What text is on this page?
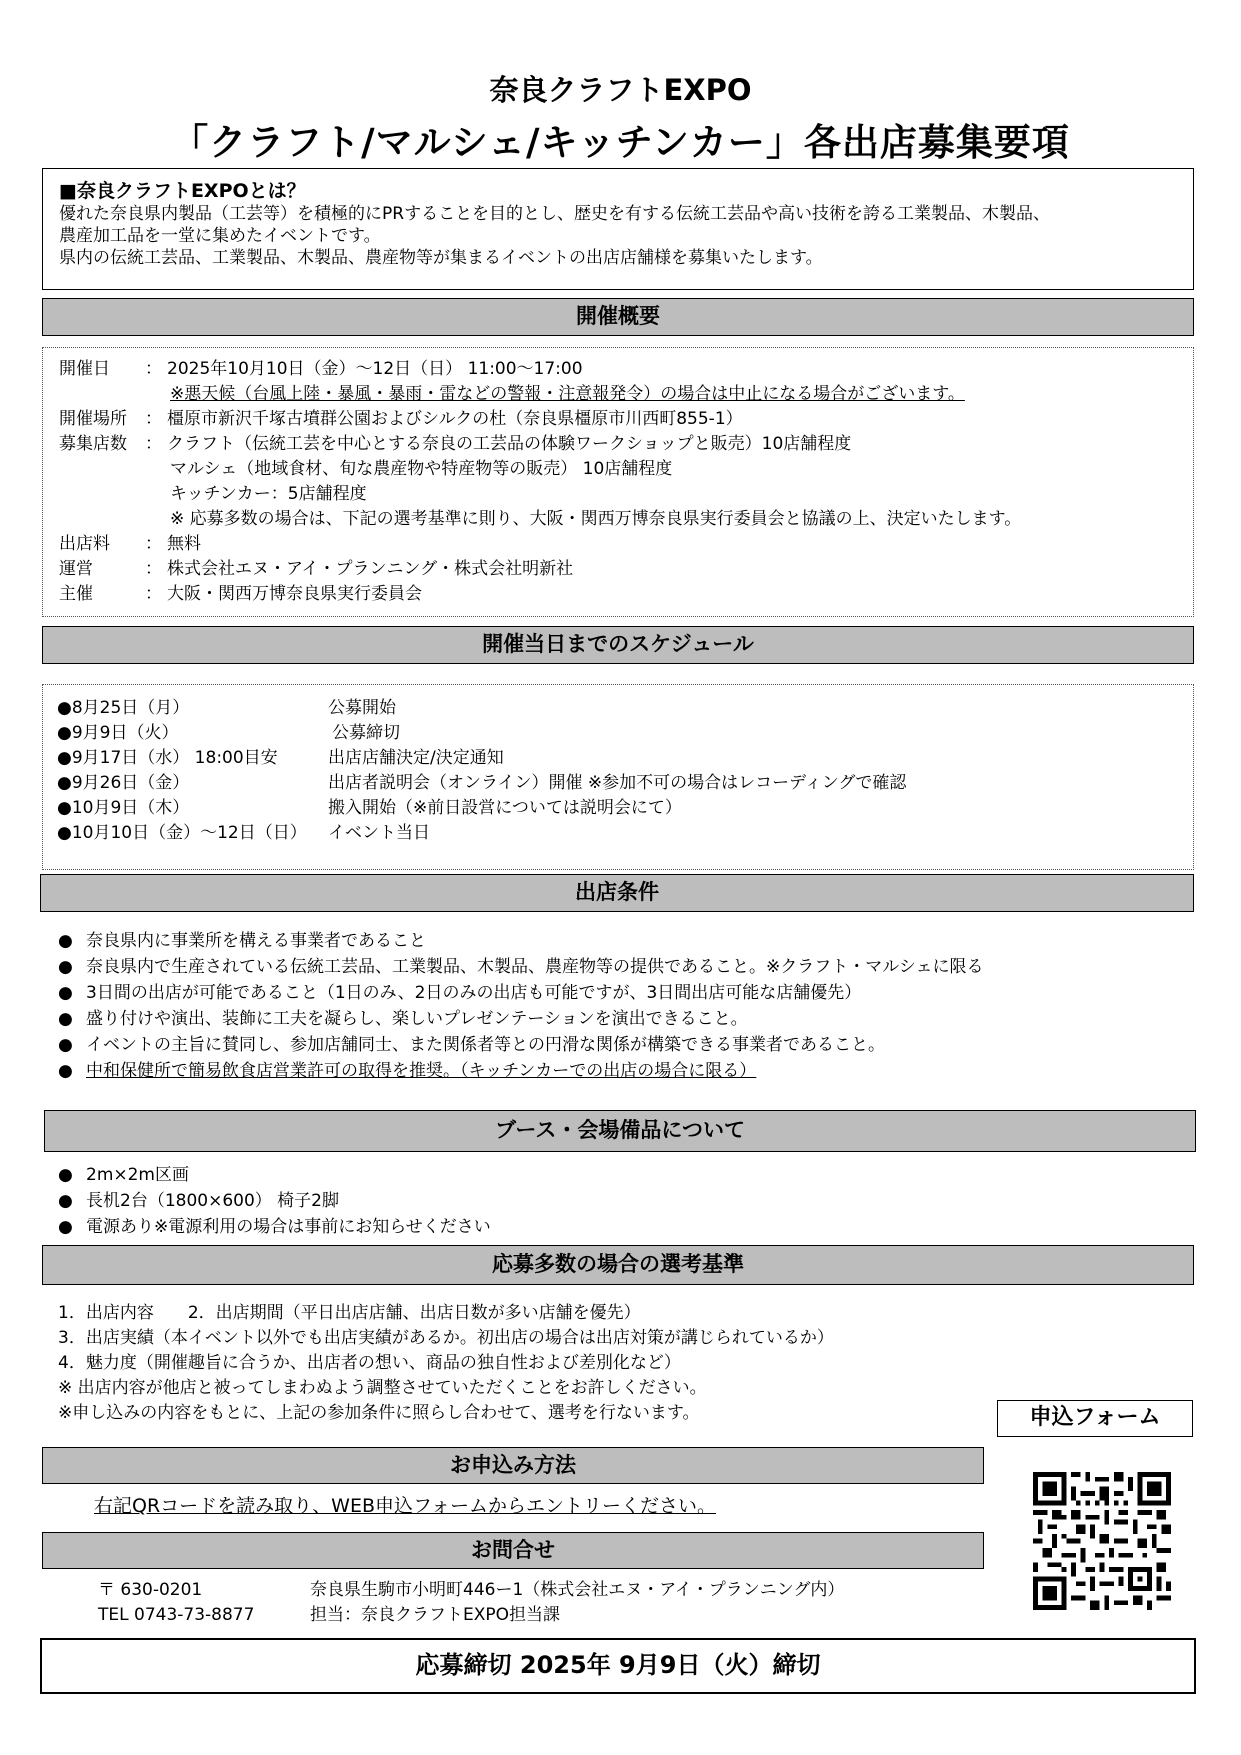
奈良クラフトEXPO
「クラフト/マルシェ/キッチンカー」各出店募集要項
■奈良クラフトEXPOとは？
優れた奈良県内製品（工芸等）を積極的にPRすることを目的とし、歴史を有する伝統工芸品や高い技術を誇る工業製品、木製品、
農産加工品を一堂に集めたイベントです。
県内の伝統工芸品、工業製品、木製品、農産物等が集まるイベントの出店店舗様を募集いたします。
開催概要
開催日 ： 2025年10月10日（金）～12日（日） 11:00～17:00
※悪天候（台風上陸・暴風・暴雨・雷などの警報・注意報発令）の場合は中止になる場合がございます。
開催場所 ： 橿原市新沢千塚古墳群公園およびシルクの杜（奈良県橿原市川西町855-1）
募集店数 ： クラフト（伝統工芸を中心とする奈良の工芸品の体験ワークショップと販売）10店舗程度
マルシェ（地域食材、旬な農産物や特産物等の販売） 10店舗程度
キッチンカー：5店舗程度
※ 応募多数の場合は、下記の選考基準に則り、大阪・関西万博奈良県実行委員会と協議の上、決定いたします。
出店料 ： 無料
運営	： 株式会社エヌ・アイ・プランニング・株式会社明新社
主催	： 大阪・関西万博奈良県実行委員会
開催当日までのスケジュール
●8月25日（月）	公募開始
●9月9日（火）	公募締切
●9月17日（水） 18:00目安	出店店舗決定/決定通知
●9月26日（金）	出店者説明会（オンライン）開催 ※参加不可の場合はレコーディングで確認
●10月9日（木）	搬入開始（※前日設営については説明会にて）
●10月10日（金）～12日（日） イベント当日
出店条件
● 奈良県内に事業所を構える事業者であること
● 奈良県内で生産されている伝統工芸品、工業製品、木製品、農産物等の提供であること。※クラフト・マルシェに限る
● 3日間の出店が可能であること（1日のみ、2日のみの出店も可能ですが、3日間出店可能な店舗優先）
● 盛り付けや演出、装飾に工夫を凝らし、楽しいプレゼンテーションを演出できること。
● イベントの主旨に賛同し、参加店舗同士、また関係者等との円滑な関係が構築できる事業者であること。
● 中和保健所で簡易飲食店営業許可の取得を推奨。（キッチンカーでの出店の場合に限る）
ブース・会場備品について
● 2m×2m区画
● 長机2台（1800×600） 椅子2脚
● 電源あり※電源利用の場合は事前にお知らせください
応募多数の場合の選考基準
1．出店内容　　2．出店期間（平日出店店舗、出店日数が多い店舗を優先）
3．出店実績（本イベント以外でも出店実績があるか。初出店の場合は出店対策が講じられているか）
4．魅力度（開催趣旨に合うか、出店者の想い、商品の独自性および差別化など）
※ 出店内容が他店と被ってしまわぬよう調整させていただくことをお許しください。
※申し込みの内容をもとに、上記の参加条件に照らし合わせて、選考を行ないます。	申込フォーム
お申込み方法
右記QRコードを読み取り、WEB申込フォームからエントリーください。
お問合せ
〒 630-0201	奈良県生駒市小明町446ー1（株式会社エヌ・アイ・プランニング内）
TEL 0743-73-8877	担当：奈良クラフトEXPO担当課
応募締切 2025年 9月9日（火）締切
